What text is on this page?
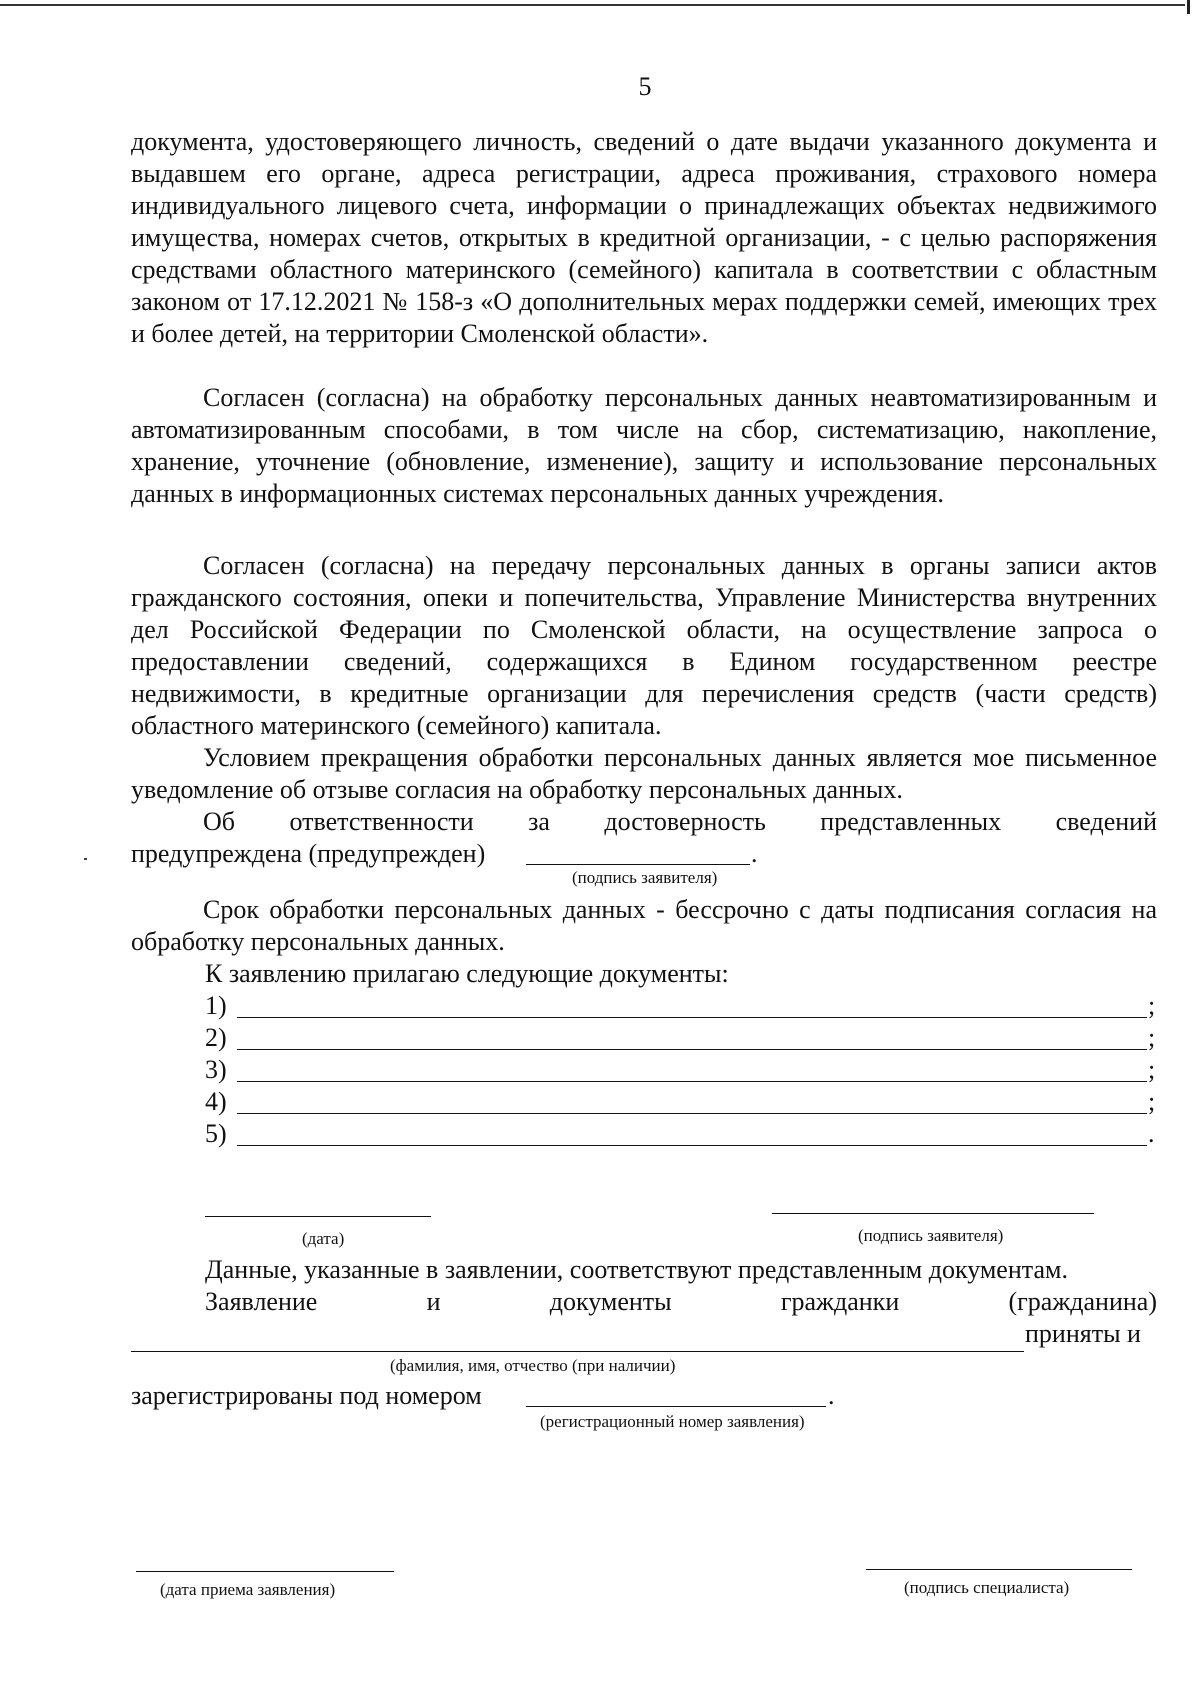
5

документа, удостоверяющего личность, сведений о дате выдачи указанного документа и выдавшем его органе, адреса регистрации, адреса проживания, страхового номера индивидуального лицевого счета, информации о принадлежащих объектах недвижимого имущества, номерах счетов, открытых в кредитной организации, - с целью распоряжения средствами областного материнского (семейного) капитала в соответствии с областным законом от 17.12.2021 № 158-з «О дополнительных мерах поддержки семей, имеющих трех и более детей, на территории Смоленской области».

Согласен (согласна) на обработку персональных данных неавтоматизированным и автоматизированным способами, в том числе на сбор, систематизацию, накопление, хранение, уточнение (обновление, изменение), защиту и использование персональных данных в информационных системах персональных данных учреждения.

Согласен (согласна) на передачу персональных данных в органы записи актов гражданского состояния, опеки и попечительства, Управление Министерства внутренних дел Российской Федерации по Смоленской области, на осуществление запроса о предоставлении сведений, содержащихся в Едином государственном реестре недвижимости, в кредитные организации для перечисления средств (части средств) областного материнского (семейного) капитала.

Условием прекращения обработки персональных данных является мое письменное уведомление об отзыве согласия на обработку персональных данных.

Об ответственности за достоверность представленных сведений
предупреждена (предупрежден)	.
(подпись заявителя)

Срок обработки персональных данных - бессрочно с даты подписания согласия на обработку персональных данных.

К заявлению прилагаю следующие документы:
1)	;
2)	;
3)	;
4)	;
5)	.
(дата)	(подпись заявителя)
Данные, указанные в заявлении, соответствуют представленным документам.
Заявление и документы гражданки (гражданина)
приняты и
(фамилия, имя, отчество (при наличии)
зарегистрированы под номером	.
(регистрационный номер заявления)
(дата приема заявления)	(подпись специалиста)
